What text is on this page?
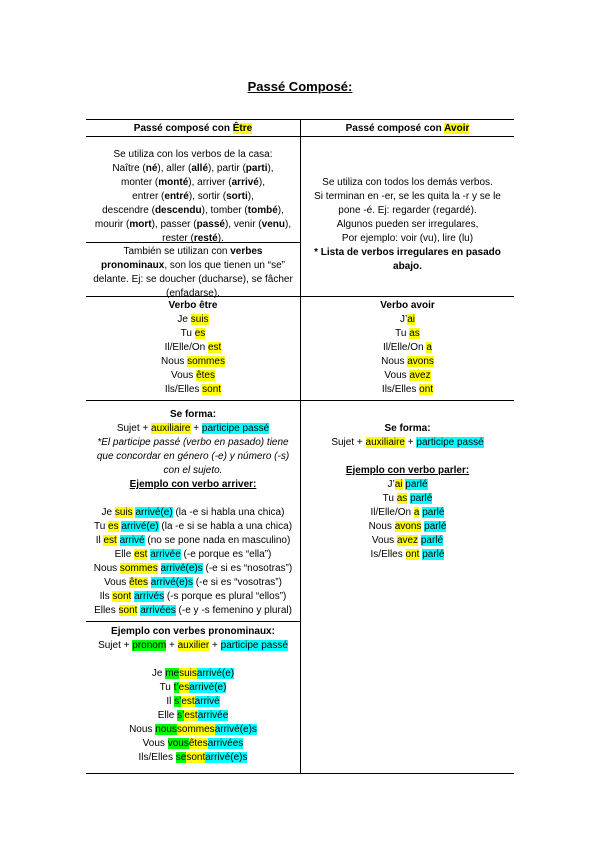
Passé Composé:
Passé composé con Être	Passé composé con Avoir
Se utiliza con los verbos de la casa:
Naître (né), aller (allé), partir (parti),
monter (monté), arriver (arrivé),
entrer (entré), sortir (sorti),
descendre (descendu), tomber (tombé),
mourir (mort), passer (passé), venir (venu),
rester (resté).
También se utilizan con verbes
pronominaux, son los que tienen un “se”
delante. Ej: se doucher (ducharse), se fâcher
(enfadarse).
Se utiliza con todos los demás verbos.
Si terminan en -er, se les quita la -r y se le
pone -é. Ej: regarder (regardé).
Algunos pueden ser irregulares,
Por ejemplo: voir (vu), lire (lu)
* Lista de verbos irregulares en pasado
abajo.
Verbo être
Je suis
Tu es
Il/Elle/On est
Nous sommes
Vous êtes
Ils/Elles sont
Verbo avoir
J’ai
Tu as
Il/Elle/On a
Nous avons
Vous avez
Ils/Elles ont
Se forma:
Sujet + auxiliaire + participe passé
*El participe passé (verbo en pasado) tiene
que concordar en género (-e) y número (-s)
con el sujeto.
Ejemplo con verbo arriver:
Je suis arrivé(e) (la -e si habla una chica)
Tu es arrivé(e) (la -e si se habla a una chica)
Il est arrivé (no se pone nada en masculino)
Elle est arrivée (-e porque es “ella”)
Nous sommes arrivé(e)s (-e si es “nosotras”)
Vous êtes arrivé(e)s (-e si es “vosotras”)
Ils sont arrivés (-s porque es plural “ellos”)
Elles sont arrivées (-e y -s femenino y plural)
Se forma:
Sujet + auxiliaire + participe passé
Ejemplo con verbo parler:
J’ai parlé
Tu as parlé
Il/Elle/On a parlé
Nous avons parlé
Vous avez parlé
Is/Elles ont parlé
Ejemplo con verbes pronominaux:
Sujet + pronom + auxilier + participe passé
Je mesuisarrivé(e)
Tu t’esarrivé(e)
Il s’estarrivé
Elle s’estarrivée
Nous noussommesarrivé(e)s
Vous vousêtesarrivées
Ils/Elles sesontarrivé(e)s
